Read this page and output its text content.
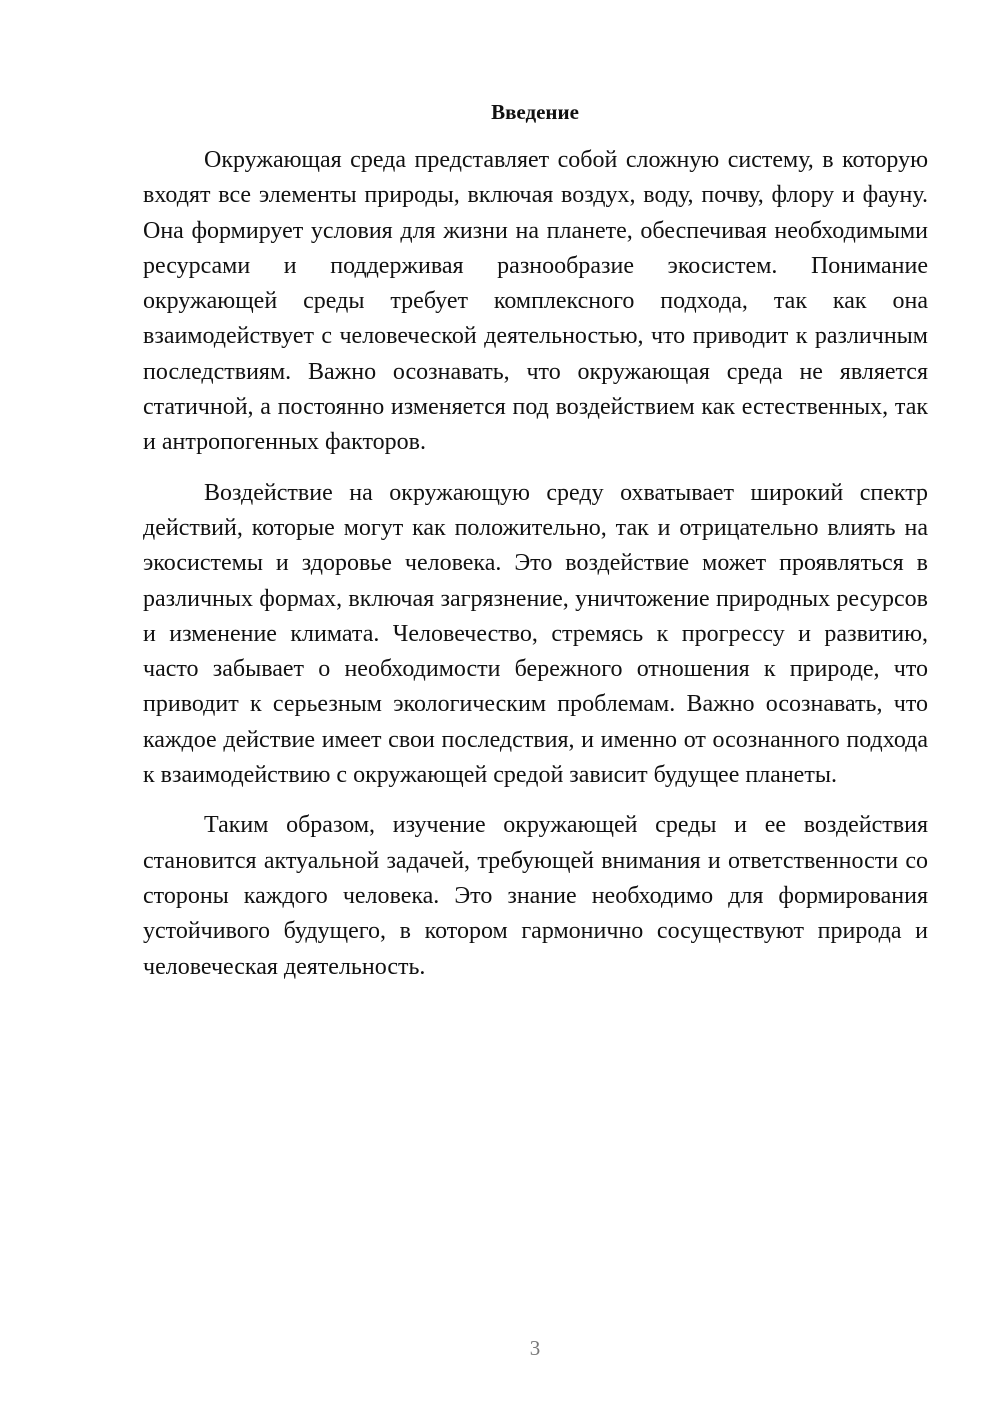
Введение

Окружающая среда представляет собой сложную систему, в которую входят все элементы природы, включая воздух, воду, почву, флору и фауну. Она формирует условия для жизни на планете, обеспечивая необходимыми ресурсами и поддерживая разнообразие экосистем. Понимание окружающей среды требует комплексного подхода, так как она взаимодействует с человеческой деятельностью, что приводит к различным последствиям. Важно осознавать, что окружающая среда не является статичной, а постоянно изменяется под воздействием как естественных, так и антропогенных факторов.

Воздействие на окружающую среду охватывает широкий спектр действий, которые могут как положительно, так и отрицательно влиять на экосистемы и здоровье человека. Это воздействие может проявляться в различных формах, включая загрязнение, уничтожение природных ресурсов и изменение климата. Человечество, стремясь к прогрессу и развитию, часто забывает о необходимости бережного отношения к природе, что приводит к серьезным экологическим проблемам. Важно осознавать, что каждое действие имеет свои последствия, и именно от осознанного подхода к взаимодействию с окружающей средой зависит будущее планеты.

Таким образом, изучение окружающей среды и ее воздействия становится актуальной задачей, требующей внимания и ответственности со стороны каждого человека. Это знание необходимо для формирования устойчивого будущего, в котором гармонично сосуществуют природа и человеческая деятельность.

3
